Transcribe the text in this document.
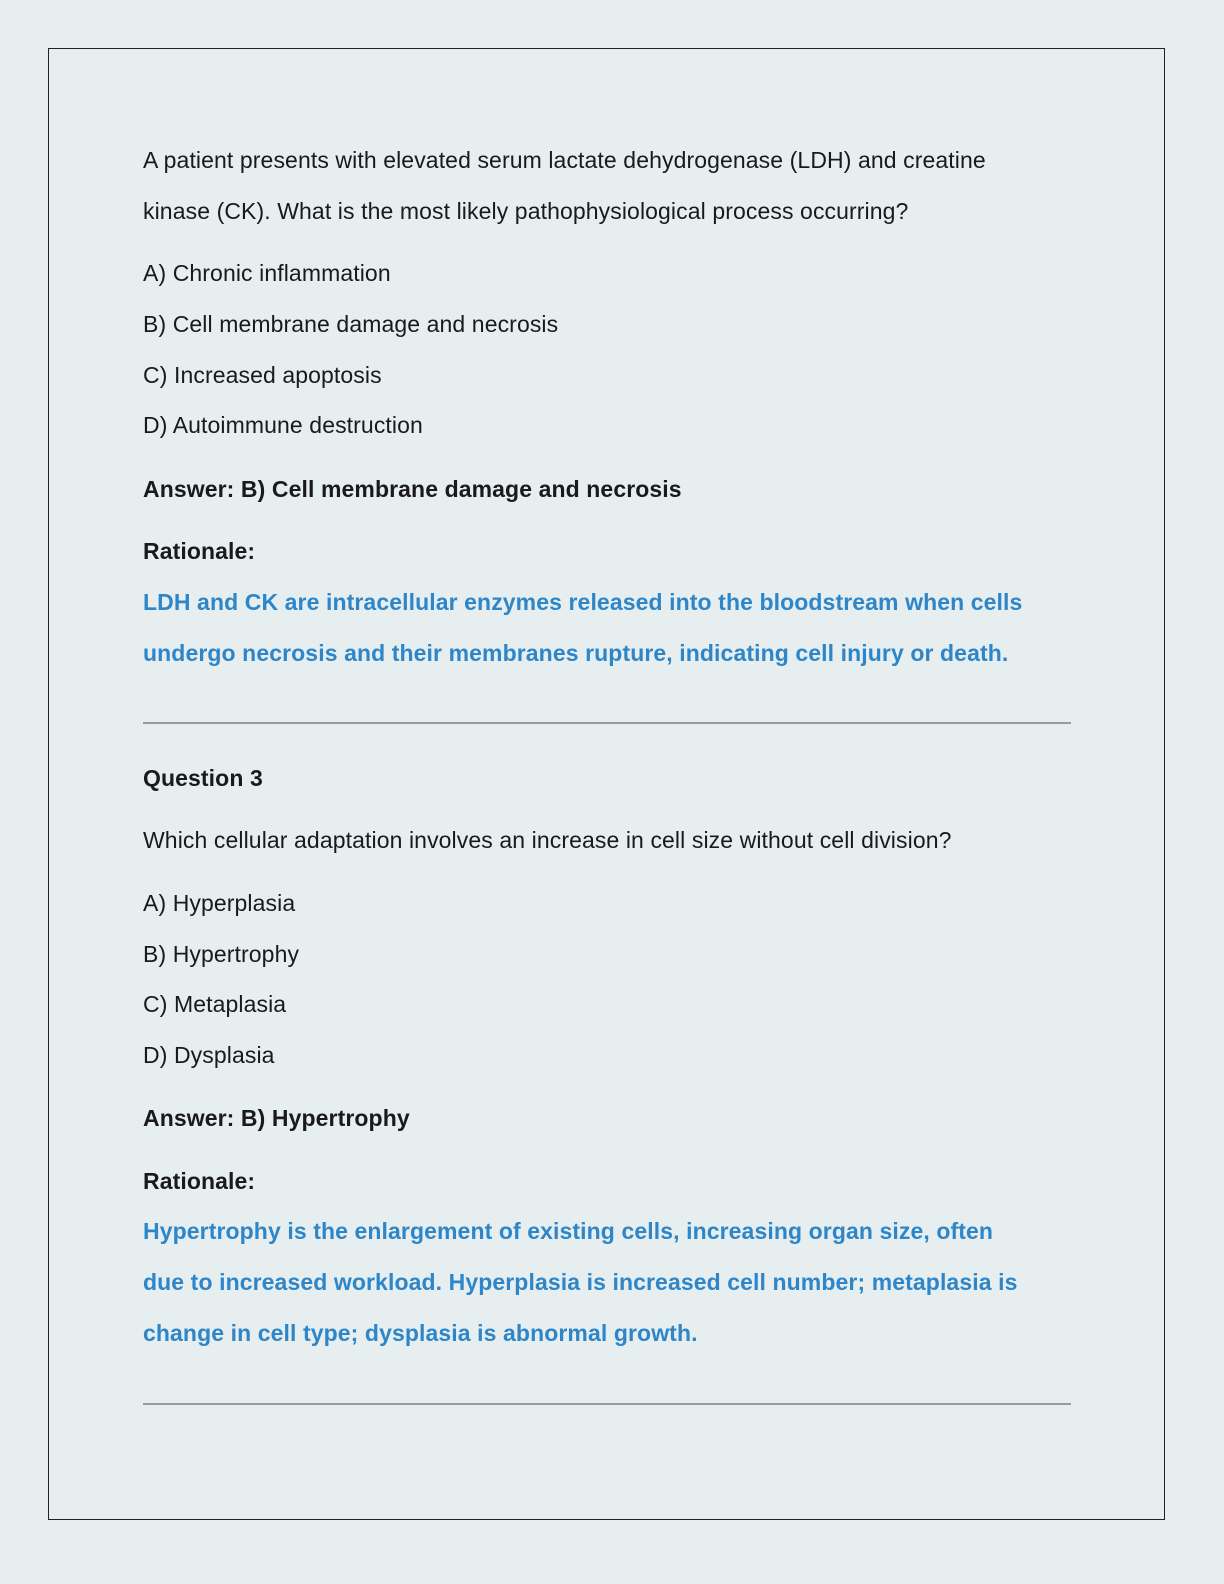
A patient presents with elevated serum lactate dehydrogenase (LDH) and creatine
kinase (CK). What is the most likely pathophysiological process occurring?
A) Chronic inflammation
B) Cell membrane damage and necrosis
C) Increased apoptosis
D) Autoimmune destruction
Answer: B) Cell membrane damage and necrosis
Rationale:
LDH and CK are intracellular enzymes released into the bloodstream when cells
undergo necrosis and their membranes rupture, indicating cell injury or death.
Question 3
Which cellular adaptation involves an increase in cell size without cell division?
A) Hyperplasia
B) Hypertrophy
C) Metaplasia
D) Dysplasia
Answer: B) Hypertrophy
Rationale:
Hypertrophy is the enlargement of existing cells, increasing organ size, often
due to increased workload. Hyperplasia is increased cell number; metaplasia is
change in cell type; dysplasia is abnormal growth.
